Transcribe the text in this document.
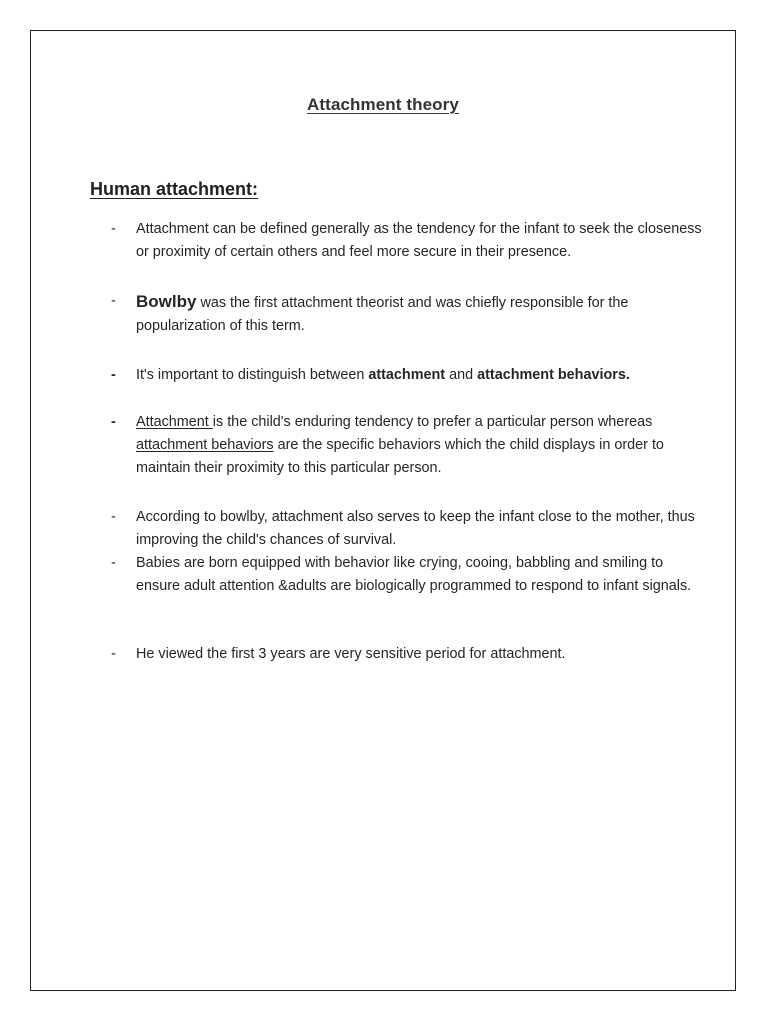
Attachment theory
Human attachment:
-	Attachment can be defined generally as the tendency for the infant to seek the closeness or proximity of certain others and feel more secure in their presence.
-	Bowlby was the first attachment theorist and was chiefly responsible for the popularization of this term.
-	It's important to distinguish between attachment and attachment behaviors.
-	Attachment is the child's enduring tendency to prefer a particular person whereas attachment behaviors are the specific behaviors which the child displays in order to maintain their proximity to this particular person.
-	According to bowlby, attachment also serves to keep the infant close to the mother, thus improving the child's chances of survival.
-	Babies are born equipped with behavior like crying, cooing, babbling and smiling to ensure adult attention &adults are biologically programmed to respond to infant signals.
-	He viewed the first 3 years are very sensitive period for attachment.
